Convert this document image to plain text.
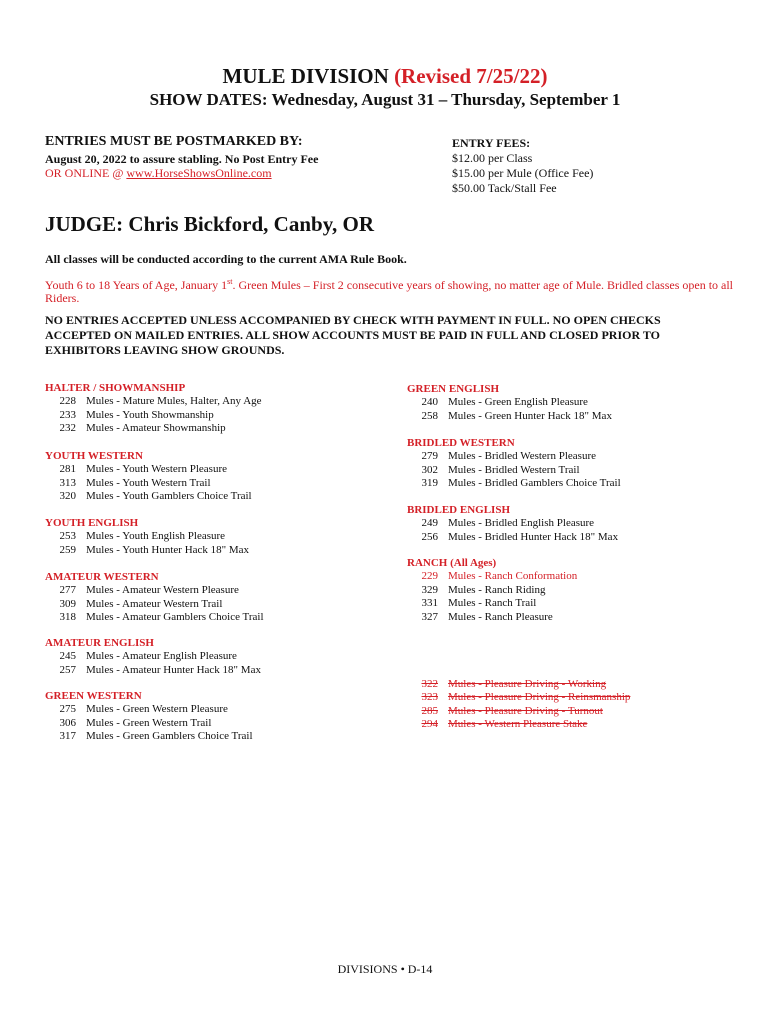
MULE DIVISION (Revised 7/25/22)
SHOW DATES: Wednesday, August 31 – Thursday, September 1
ENTRIES MUST BE POSTMARKED BY:
August 20, 2022 to assure stabling. No Post Entry Fee
OR ONLINE @ www.HorseShowsOnline.com
ENTRY FEES:
$12.00 per Class
$15.00 per Mule (Office Fee)
$50.00 Tack/Stall Fee
JUDGE: Chris Bickford, Canby, OR
All classes will be conducted according to the current AMA Rule Book.
Youth 6 to 18 Years of Age, January 1st. Green Mules – First 2 consecutive years of showing, no matter age of Mule. Bridled classes open to all Riders.
NO ENTRIES ACCEPTED UNLESS ACCOMPANIED BY CHECK WITH PAYMENT IN FULL. NO OPEN CHECKS ACCEPTED ON MAILED ENTRIES. ALL SHOW ACCOUNTS MUST BE PAID IN FULL AND CLOSED PRIOR TO EXHIBITORS LEAVING SHOW GROUNDS.
HALTER / SHOWMANSHIP
228 Mules - Mature Mules, Halter, Any Age
233 Mules - Youth Showmanship
232 Mules - Amateur Showmanship
YOUTH WESTERN
281 Mules - Youth Western Pleasure
313 Mules - Youth Western Trail
320 Mules - Youth Gamblers Choice Trail
YOUTH ENGLISH
253 Mules - Youth English Pleasure
259 Mules - Youth Hunter Hack 18" Max
AMATEUR WESTERN
277 Mules - Amateur Western Pleasure
309 Mules - Amateur Western Trail
318 Mules - Amateur Gamblers Choice Trail
AMATEUR ENGLISH
245 Mules - Amateur English Pleasure
257 Mules - Amateur Hunter Hack 18" Max
GREEN WESTERN
275 Mules - Green Western Pleasure
306 Mules - Green Western Trail
317 Mules - Green Gamblers Choice Trail
GREEN ENGLISH
240 Mules - Green English Pleasure
258 Mules - Green Hunter Hack 18" Max
BRIDLED WESTERN
279 Mules - Bridled Western Pleasure
302 Mules - Bridled Western Trail
319 Mules - Bridled Gamblers Choice Trail
BRIDLED ENGLISH
249 Mules - Bridled English Pleasure
256 Mules - Bridled Hunter Hack 18" Max
RANCH (All Ages)
229 Mules - Ranch Conformation
329 Mules - Ranch Riding
331 Mules - Ranch Trail
327 Mules - Ranch Pleasure
322 Mules - Pleasure Driving - Working
323 Mules - Pleasure Driving - Reinsmanship
285 Mules - Pleasure Driving - Turnout
294 Mules - Western Pleasure Stake
DIVISIONS • D-14
